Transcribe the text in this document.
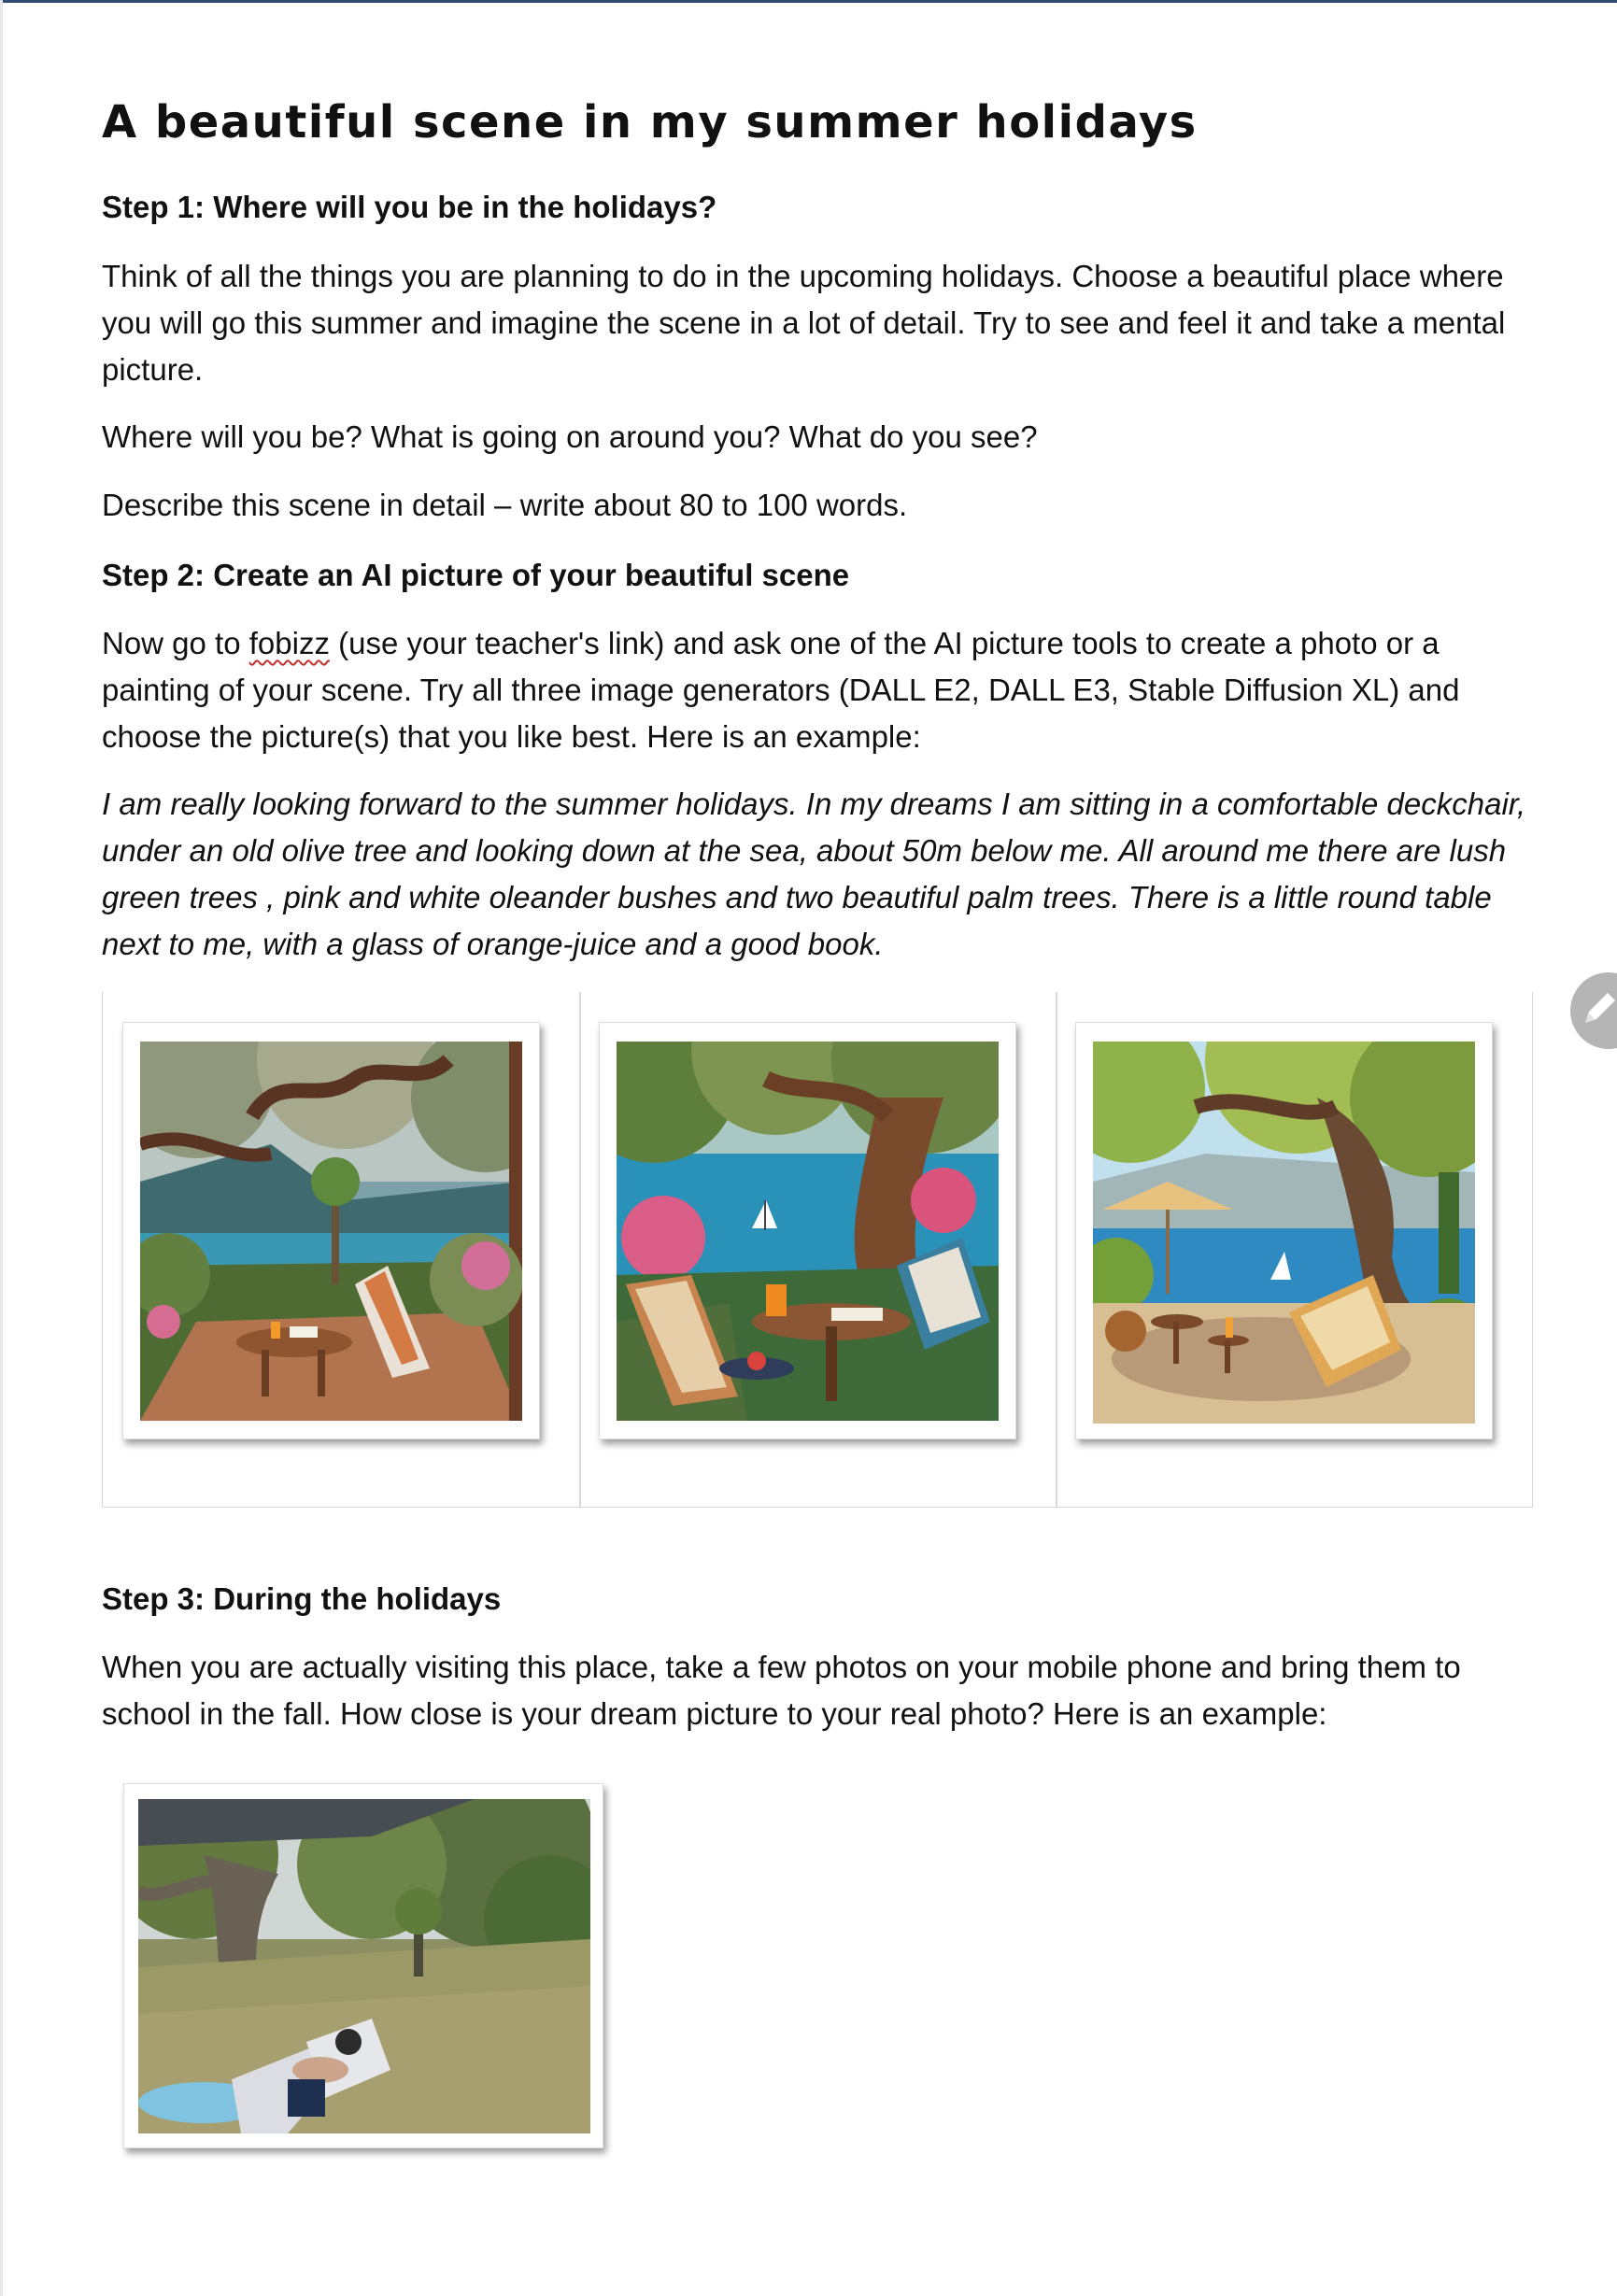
A beautiful scene in my summer holidays
Step 1: Where will you be in the holidays?
Think of all the things you are planning to do in the upcoming holidays. Choose a beautiful place where you will go this summer and imagine the scene in a lot of detail. Try to see and feel it and take a mental picture.
Where will you be? What is going on around you? What do you see?
Describe this scene in detail – write about 80 to 100 words.
Step 2: Create an AI picture of your beautiful scene
Now go to fobizz (use your teacher's link) and ask one of the AI picture tools to create a photo or a painting of your scene. Try all three image generators (DALL E2, DALL E3, Stable Diffusion XL) and choose the picture(s) that you like best. Here is an example:
I am really looking forward to the summer holidays. In my dreams I am sitting in a comfortable deckchair, under an old olive tree and looking down at the sea, about 50m below me. All around me there are lush green trees , pink and white oleander bushes and two beautiful palm trees. There is a little round table next to me, with a glass of orange-juice and a good book.
Step 3: During the holidays
When you are actually visiting this place, take a few photos on your mobile phone and bring them to school in the fall. How close is your dream picture to your real photo? Here is an example:
